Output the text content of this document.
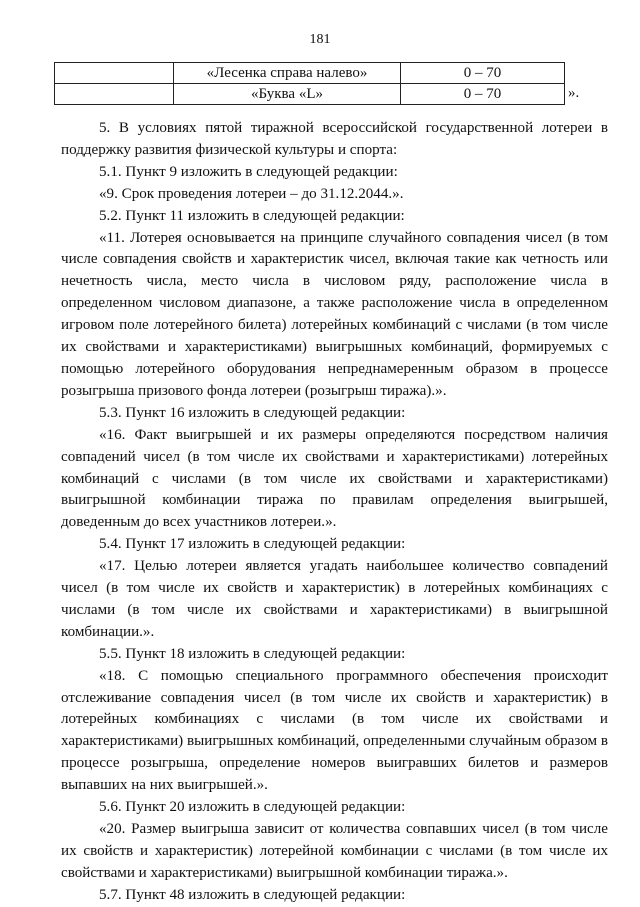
181
	«Лесенка справа налево»	0 – 70
	«Буква «L»	0 – 70	».

5. В условиях пятой тиражной всероссийской государственной лотереи в поддержку развития физической культуры и спорта:

5.1. Пункт 9 изложить в следующей редакции:

«9. Срок проведения лотереи – до 31.12.2044.».

5.2. Пункт 11 изложить в следующей редакции:

«11. Лотерея основывается на принципе случайного совпадения чисел (в том числе совпадения свойств и характеристик чисел, включая такие как четность или нечетность числа, место числа в числовом ряду, расположение числа в определенном числовом диапазоне, а также расположение числа в определенном игровом поле лотерейного билета) лотерейных комбинаций с числами (в том числе их свойствами и характеристиками) выигрышных комбинаций, формируемых с помощью лотерейного оборудования непреднамеренным образом в процессе розыгрыша призового фонда лотереи (розыгрыш тиража).».

5.3. Пункт 16 изложить в следующей редакции:

«16. Факт выигрышей и их размеры определяются посредством наличия совпадений чисел (в том числе их свойствами и характеристиками) лотерейных комбинаций с числами (в том числе их свойствами и характеристиками) выигрышной комбинации тиража по правилам определения выигрышей, доведенным до всех участников лотереи.».

5.4. Пункт 17 изложить в следующей редакции:

«17. Целью лотереи является угадать наибольшее количество совпадений чисел (в том числе их свойств и характеристик) в лотерейных комбинациях с числами (в том числе их свойствами и характеристиками) в выигрышной комбинации.».

5.5. Пункт 18 изложить в следующей редакции:

«18. С помощью специального программного обеспечения происходит отслеживание совпадения чисел (в том числе их свойств и характеристик) в лотерейных комбинациях с числами (в том числе их свойствами и характеристиками) выигрышных комбинаций, определенными случайным образом в процессе розыгрыша, определение номеров выигравших билетов и размеров выпавших на них выигрышей.».

5.6. Пункт 20 изложить в следующей редакции:

«20. Размер выигрыша зависит от количества совпавших чисел (в том числе их свойств и характеристик) лотерейной комбинации с числами (в том числе их свойствами и характеристиками) выигрышной комбинации тиража.».

5.7. Пункт 48 изложить в следующей редакции:
